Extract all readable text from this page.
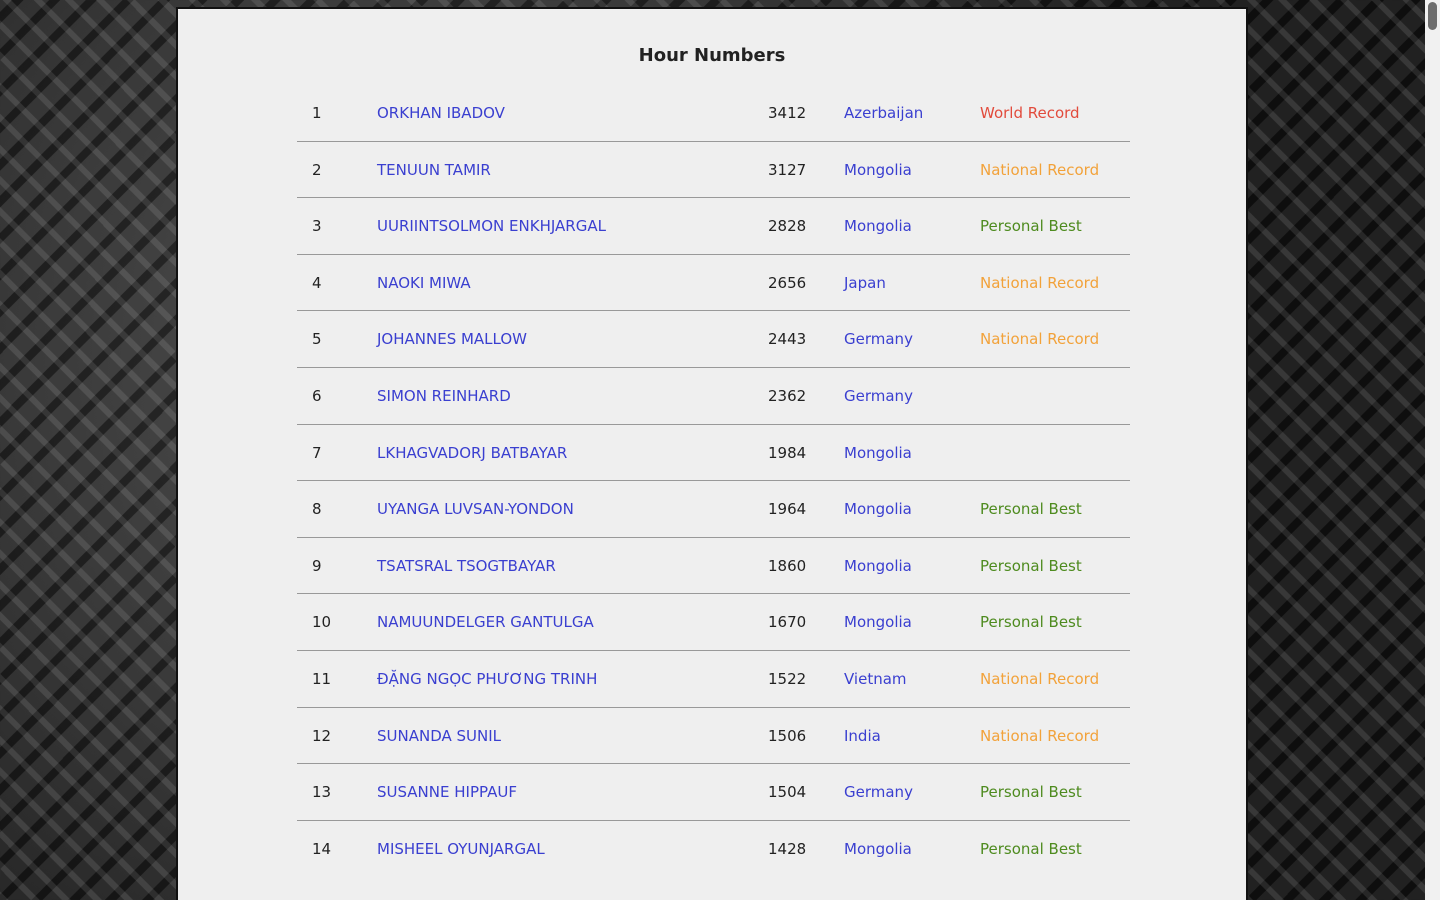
Hour Numbers
1	ORKHAN IBADOV	3412	Azerbaijan	World Record
2	TENUUN TAMIR	3127	Mongolia	National Record
3	UURIINTSOLMON ENKHJARGAL	2828	Mongolia	Personal Best
4	NAOKI MIWA	2656	Japan	National Record
5	JOHANNES MALLOW	2443	Germany	National Record
6	SIMON REINHARD	2362	Germany
7	LKHAGVADORJ BATBAYAR	1984	Mongolia
8	UYANGA LUVSAN-YONDON	1964	Mongolia	Personal Best
9	TSATSRAL TSOGTBAYAR	1860	Mongolia	Personal Best
10	NAMUUNDELGER GANTULGA	1670	Mongolia	Personal Best
11	ĐẶNG NGỌC PHƯƠNG TRINH	1522	Vietnam	National Record
12	SUNANDA SUNIL	1506	India	National Record
13	SUSANNE HIPPAUF	1504	Germany	Personal Best
14	MISHEEL OYUNJARGAL	1428	Mongolia	Personal Best
